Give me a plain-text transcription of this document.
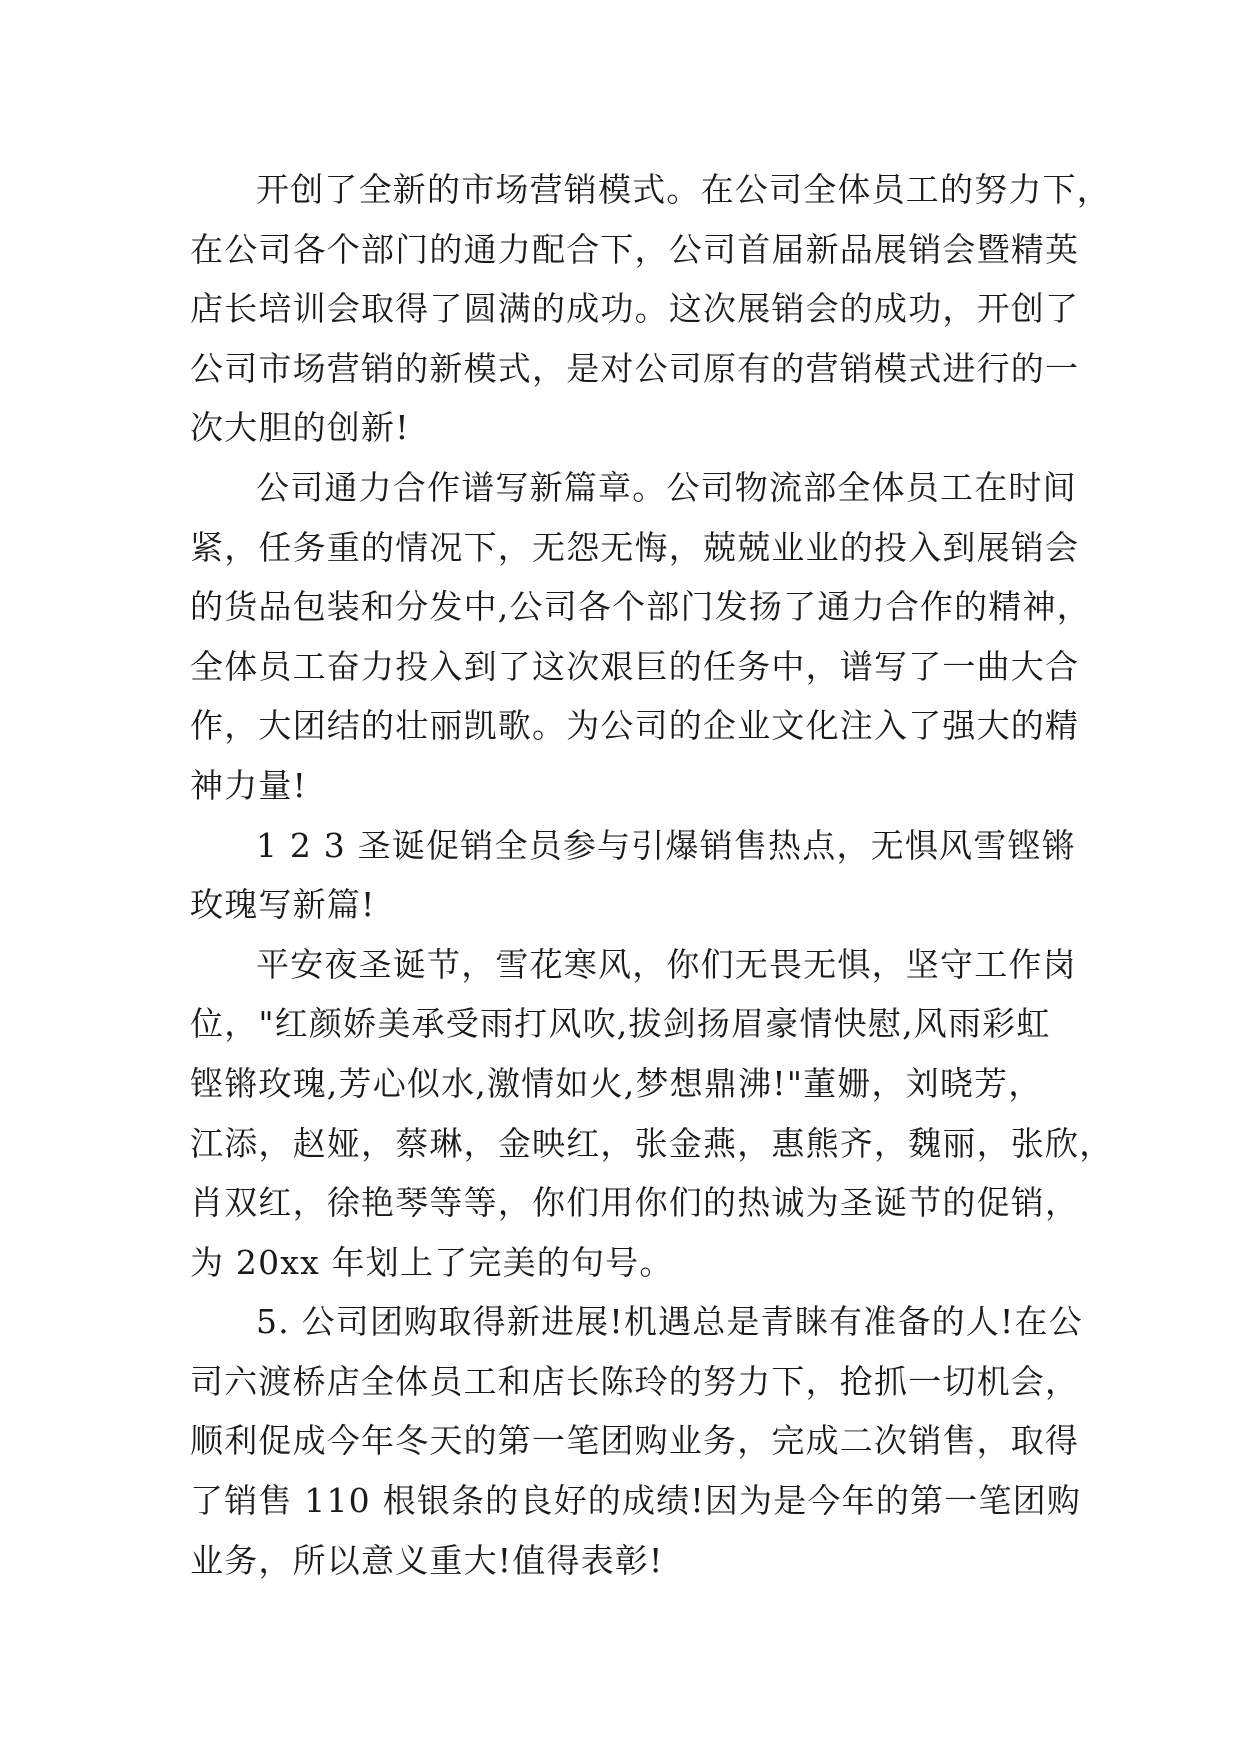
开创了全新的市场营销模式。在公司全体员工的努力下，
在公司各个部门的通力配合下，公司首届新品展销会暨精英
店长培训会取得了圆满的成功。这次展销会的成功，开创了
公司市场营销的新模式，是对公司原有的营销模式进行的一
次大胆的创新!

公司通力合作谱写新篇章。公司物流部全体员工在时间
紧，任务重的情况下，无怨无悔，兢兢业业的投入到展销会
的货品包装和分发中,公司各个部门发扬了通力合作的精神，
全体员工奋力投入到了这次艰巨的任务中，谱写了一曲大合
作，大团结的壮丽凯歌。为公司的企业文化注入了强大的精
神力量!

1 2 3 圣诞促销全员参与引爆销售热点，无惧风雪铿锵
玫瑰写新篇!

平安夜圣诞节，雪花寒风，你们无畏无惧，坚守工作岗
位，"红颜娇美承受雨打风吹,拔剑扬眉豪情快慰,风雨彩虹
铿锵玫瑰,芳心似水,激情如火,梦想鼎沸!"董姗，刘晓芳，
江添，赵娅，蔡琳，金映红，张金燕，惠熊齐，魏丽，张欣，
肖双红，徐艳琴等等，你们用你们的热诚为圣诞节的促销，
为 20xx 年划上了完美的句号。

5. 公司团购取得新进展!机遇总是青睐有准备的人!在公
司六渡桥店全体员工和店长陈玲的努力下，抢抓一切机会，
顺利促成今年冬天的第一笔团购业务，完成二次销售，取得
了销售 110 根银条的良好的成绩!因为是今年的第一笔团购
业务，所以意义重大!值得表彰!
